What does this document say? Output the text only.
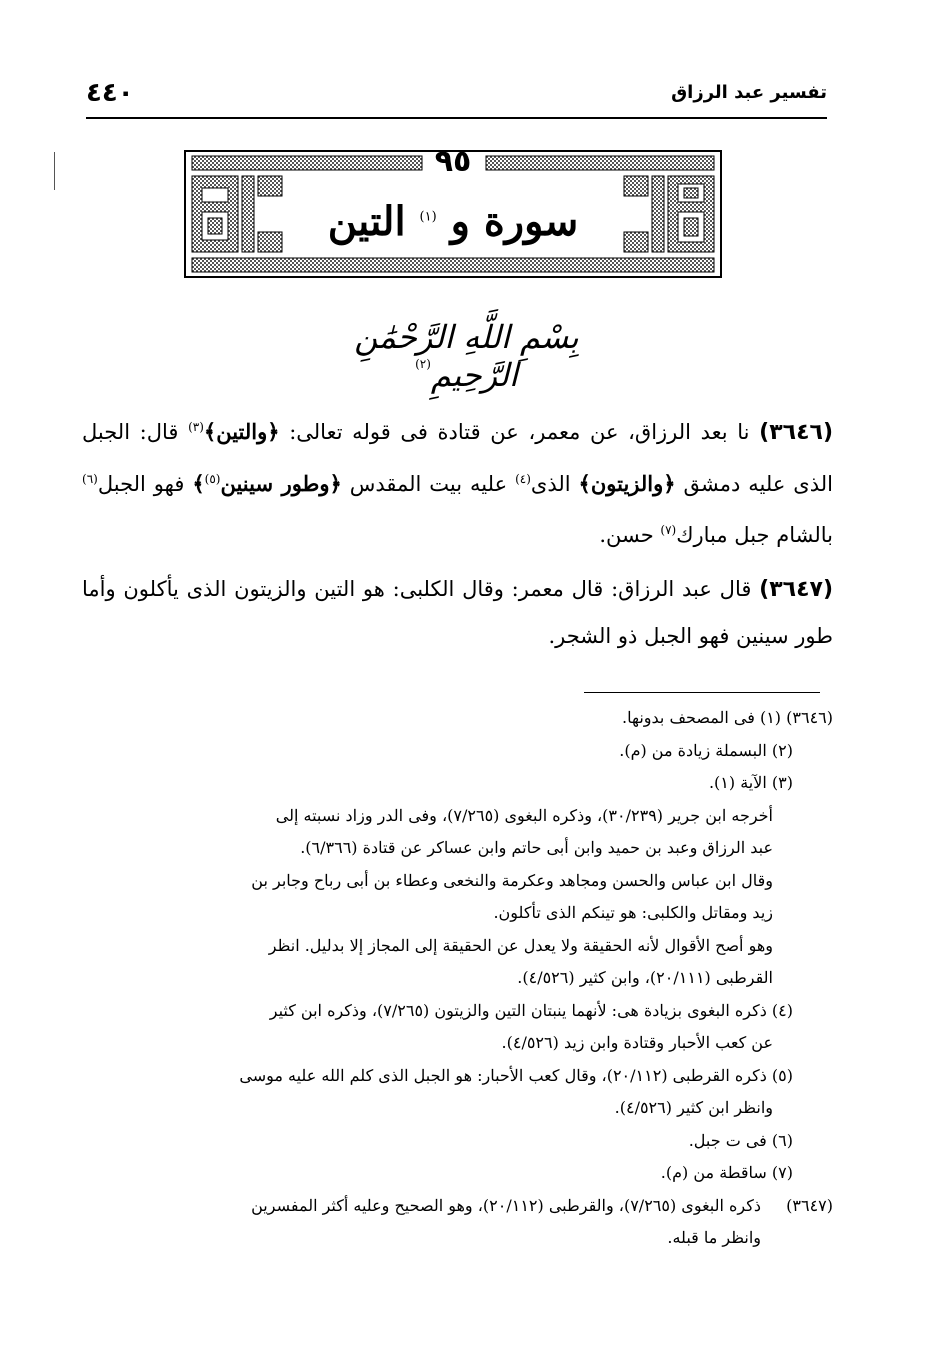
٤٤٠	تفسير عبد الرزاق
٩٥
سورة و $^{(١)}$ التين
بِسْمِ اللَّهِ الرَّحْمَٰنِ الرَّحِيمِ$^{(٢)}$

(٣٦٤٦) نا بعد الرزاق، عن معمر، عن قتادة فى قوله تعالى: ﴿والتين﴾$^{(٣)}$ قال: الجبل الذى عليه دمشق ﴿والزيتون﴾ الذى$^{(٤)}$ عليه بيت المقدس ﴿وطور سينين$^{(٥)}$﴾ فهو الجبل$^{(٦)}$ بالشام جبل مبارك$^{(٧)}$ حسن.

(٣٦٤٧) قال عبد الرزاق: قال معمر: وقال الكلبى: هو التين والزيتون الذى يأكلون وأما طور سينين فهو الجبل ذو الشجر.

(٣٦٤٦) (١) فى المصحف بدونها.
(٢) البسملة زيادة من (م).
(٣) الآية (١).
أخرجه ابن جرير (٣٠/٢٣٩)، وذكره البغوى (٧/٢٦٥)، وفى الدر وزاد نسبته إلى
عبد الرزاق وعبد بن حميد وابن أبى حاتم وابن عساكر عن قتادة (٦/٣٦٦).
وقال ابن عباس والحسن ومجاهد وعكرمة والنخعى وعطاء بن أبى رباح وجابر بن
زيد ومقاتل والكلبى: هو تينكم الذى تأكلون.
وهو أصح الأقوال لأنه الحقيقة ولا يعدل عن الحقيقة إلى المجاز إلا بدليل. انظر
القرطبى (٢٠/١١١)، وابن كثير (٤/٥٢٦).
(٤) ذكره البغوى بزيادة هى: لأنهما ينبتان التين والزيتون (٧/٢٦٥)، وذكره ابن كثير
عن كعب الأحبار وقتادة وابن زيد (٤/٥٢٦).
(٥) ذكره القرطبى (٢٠/١١٢)، وقال كعب الأحبار: هو الجبل الذى كلم الله عليه موسى
وانظر ابن كثير (٤/٥٢٦).
(٦) فى ت جبل.
(٧) ساقطة من (م).
(٣٦٤٧)
ذكره البغوى (٧/٢٦٥)، والقرطبى (٢٠/١١٢)، وهو الصحيح وعليه أكثر المفسرين
وانظر ما قبله.
